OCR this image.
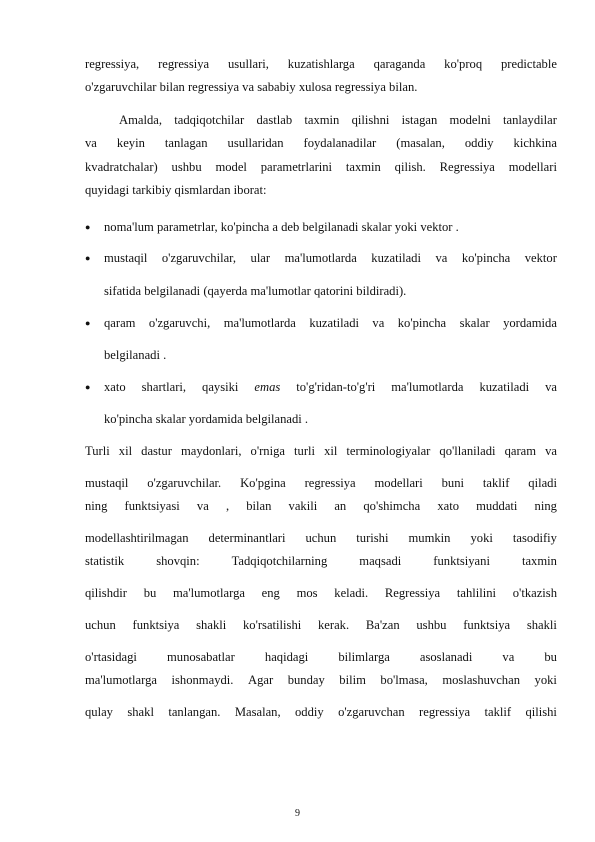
regressiya, regressiya usullari, kuzatishlarga qaraganda ko'proq predictable
o'zgaruvchilar bilan regressiya va sababiy xulosa regressiya bilan.
Amalda, tadqiqotchilar dastlab taxmin qilishni istagan modelni tanlaydilar
va keyin tanlagan usullaridan foydalanadilar (masalan, oddiy kichkina
kvadratchalar) ushbu model parametrlarini taxmin qilish. Regressiya modellari
quyidagi tarkibiy qismlardan iborat:
● noma'lum parametrlar, ko'pincha a deb belgilanadi skalar yoki vektor .
● mustaqil o'zgaruvchilar, ular ma'lumotlarda kuzatiladi va ko'pincha vektor
sifatida belgilanadi (qayerda ma'lumotlar qatorini bildiradi).
● qaram o'zgaruvchi, ma'lumotlarda kuzatiladi va ko'pincha skalar yordamida
belgilanadi .
● xato shartlari, qaysiki emas to'g'ridan-to'g'ri ma'lumotlarda kuzatiladi va
ko'pincha skalar yordamida belgilanadi .
Turli xil dastur maydonlari, o'rniga turli xil terminologiyalar qo'llaniladi qaram va
mustaqil o'zgaruvchilar. Ko'pgina regressiya modellari buni taklif qiladi
ning funktsiyasi va , bilan vakili an qo'shimcha xato muddati ning
modellashtirilmagan determinantlari uchun turishi mumkin yoki tasodifiy
statistik	shovqin:	Tadqiqotchilarning	maqsadi	funktsiyani	taxmin
qilishdir bu ma'lumotlarga eng mos keladi. Regressiya tahlilini o'tkazish
uchun funktsiya shakli ko'rsatilishi kerak. Ba'zan ushbu funktsiya shakli
o'rtasidagi munosabatlar haqidagi bilimlarga asoslanadi va bu
ma'lumotlarga ishonmaydi. Agar bunday bilim bo'lmasa, moslashuvchan yoki
qulay shakl tanlangan. Masalan, oddiy o'zgaruvchan regressiya taklif qilishi
9
